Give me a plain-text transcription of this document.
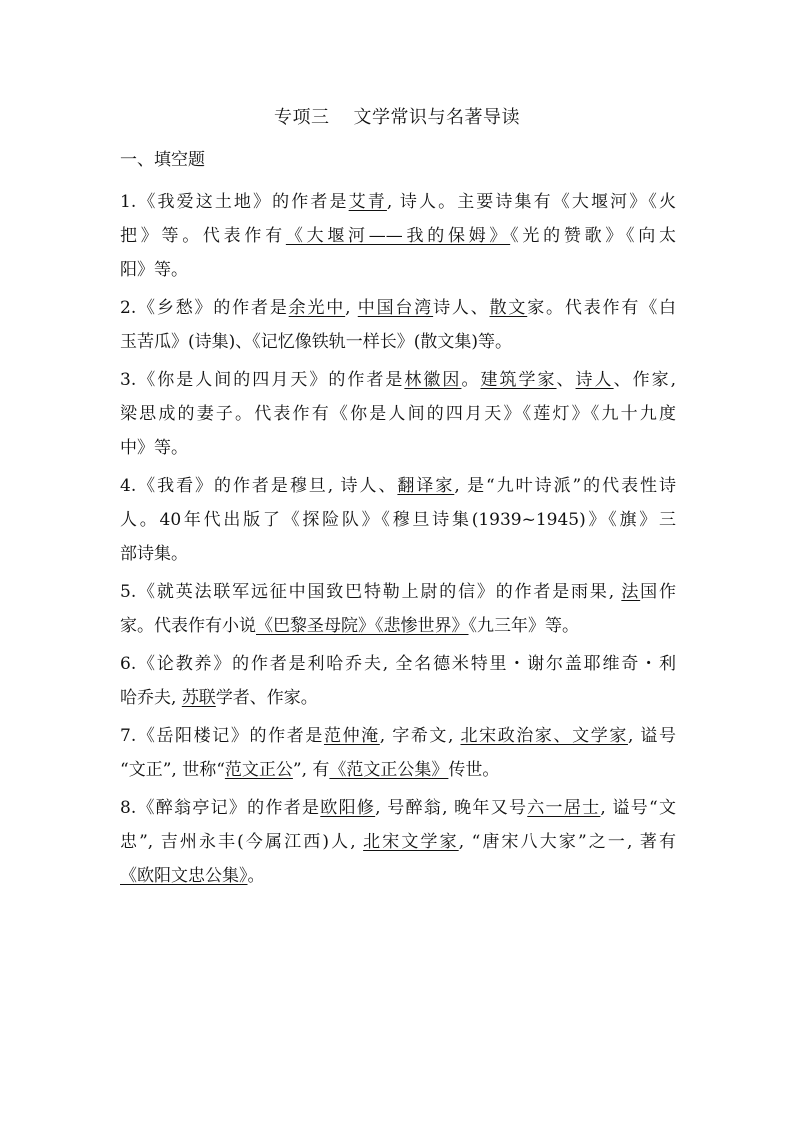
专项三 文学常识与名著导读
一、填空题
1.《我爱这土地》的作者是艾青, 诗人。主要诗集有《大堰河》《火
把》等。代表作有《大堰河——我的保姆》《光的赞歌》《向太
阳》等。
2.《乡愁》的作者是余光中, 中国台湾诗人、散文家。代表作有《白
玉苦瓜》(诗集)、《记忆像铁轨一样长》(散文集)等。
3.《你是人间的四月天》的作者是林徽因。建筑学家、诗人、作家,
梁思成的妻子。代表作有《你是人间的四月天》《莲灯》《九十九度
中》等。
4.《我看》的作者是穆旦, 诗人、翻译家, 是“九叶诗派”的代表性诗
人。40年代出版了《探险队》《穆旦诗集(1939~1945)》《旗》三
部诗集。
5.《就英法联军远征中国致巴特勒上尉的信》的作者是雨果, 法国作
家。代表作有小说《巴黎圣母院》《悲惨世界》《九三年》等。
6.《论教养》的作者是利哈乔夫, 全名德米特里・谢尔盖耶维奇・利
哈乔夫, 苏联学者、作家。
7.《岳阳楼记》的作者是范仲淹, 字希文, 北宋政治家、文学家, 谥号
“文正”, 世称“范文正公”, 有《范文正公集》传世。
8.《醉翁亭记》的作者是欧阳修, 号醉翁, 晚年又号六一居士, 谥号“文
忠”, 吉州永丰(今属江西)人, 北宋文学家, “唐宋八大家”之一, 著有
《欧阳文忠公集》。
